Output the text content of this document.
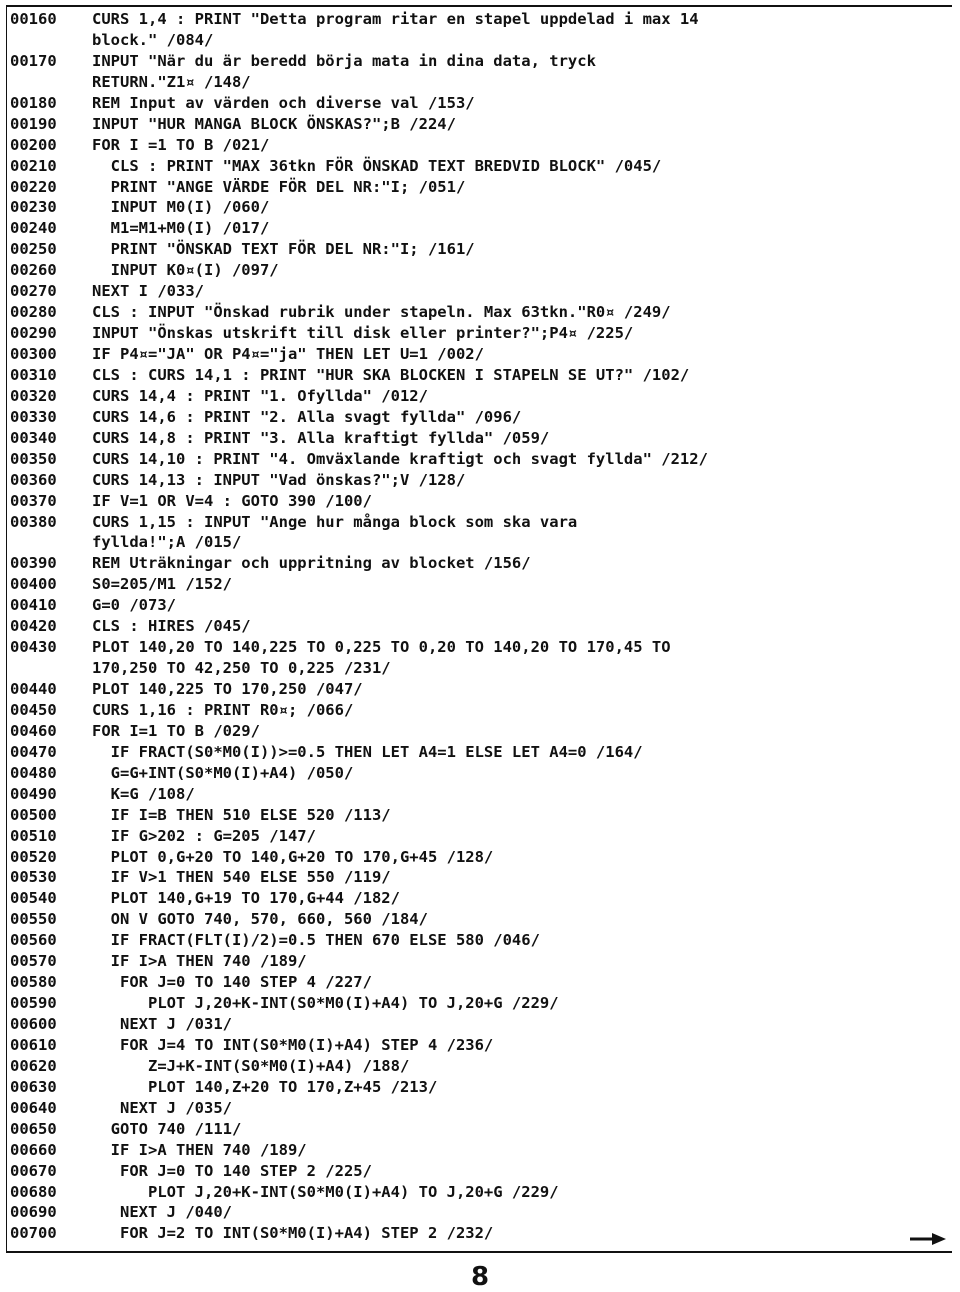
00160	CURS 1,4 : PRINT "Detta program ritar en stapel uppdelad i max 14
block." /084/
00170	INPUT "När du är beredd börja mata in dina data, tryck
RETURN."Z1¤ /148/
00180	REM Input av värden och diverse val /153/
00190	INPUT "HUR MANGA BLOCK ÖNSKAS?";B /224/
00200	FOR I =1 TO B /021/
00210	CLS : PRINT "MAX 36tkn FÖR ÖNSKAD TEXT BREDVID BLOCK" /045/
00220	PRINT "ANGE VÄRDE FÖR DEL NR:"I; /051/
00230	INPUT M0(I) /060/
00240	M1=M1+M0(I) /017/
00250	PRINT "ÖNSKAD TEXT FÖR DEL NR:"I; /161/
00260	INPUT K0¤(I) /097/
00270	NEXT I /033/
00280	CLS : INPUT "Önskad rubrik under stapeln. Max 63tkn."R0¤ /249/
00290	INPUT "Önskas utskrift till disk eller printer?";P4¤ /225/
00300	IF P4¤="JA" OR P4¤="ja" THEN LET U=1 /002/
00310	CLS : CURS 14,1 : PRINT "HUR SKA BLOCKEN I STAPELN SE UT?" /102/
00320	CURS 14,4 : PRINT "1. Ofyllda" /012/
00330	CURS 14,6 : PRINT "2. Alla svagt fyllda" /096/
00340	CURS 14,8 : PRINT "3. Alla kraftigt fyllda" /059/
00350	CURS 14,10 : PRINT "4. Omväxlande kraftigt och svagt fyllda" /212/
00360	CURS 14,13 : INPUT "Vad önskas?";V /128/
00370	IF V=1 OR V=4 : GOTO 390 /100/
00380	CURS 1,15 : INPUT "Ange hur många block som ska vara
fyllda!";A /015/
00390	REM Uträkningar och uppritning av blocket /156/
00400	S0=205/M1 /152/
00410	G=0 /073/
00420	CLS : HIRES /045/
00430	PLOT 140,20 TO 140,225 TO 0,225 TO 0,20 TO 140,20 TO 170,45 TO
170,250 TO 42,250 TO 0,225 /231/
00440	PLOT 140,225 TO 170,250 /047/
00450	CURS 1,16 : PRINT R0¤; /066/
00460	FOR I=1 TO B /029/
00470	IF FRACT(S0*M0(I))>=0.5 THEN LET A4=1 ELSE LET A4=0 /164/
00480	G=G+INT(S0*M0(I)+A4) /050/
00490	K=G /108/
00500	IF I=B THEN 510 ELSE 520 /113/
00510	IF G>202 : G=205 /147/
00520	PLOT 0,G+20 TO 140,G+20 TO 170,G+45 /128/
00530	IF V>1 THEN 540 ELSE 550 /119/
00540	PLOT 140,G+19 TO 170,G+44 /182/
00550	ON V GOTO 740, 570, 660, 560 /184/
00560	IF FRACT(FLT(I)/2)=0.5 THEN 670 ELSE 580 /046/
00570	IF I>A THEN 740 /189/
00580	FOR J=0 TO 140 STEP 4 /227/
00590	PLOT J,20+K-INT(S0*M0(I)+A4) TO J,20+G /229/
00600	NEXT J /031/
00610	FOR J=4 TO INT(S0*M0(I)+A4) STEP 4 /236/
00620	Z=J+K-INT(S0*M0(I)+A4) /188/
00630	PLOT 140,Z+20 TO 170,Z+45 /213/
00640	NEXT J /035/
00650	GOTO 740 /111/
00660	IF I>A THEN 740 /189/
00670	FOR J=0 TO 140 STEP 2 /225/
00680	PLOT J,20+K-INT(S0*M0(I)+A4) TO J,20+G /229/
00690	NEXT J /040/
00700	FOR J=2 TO INT(S0*M0(I)+A4) STEP 2 /232/
8
